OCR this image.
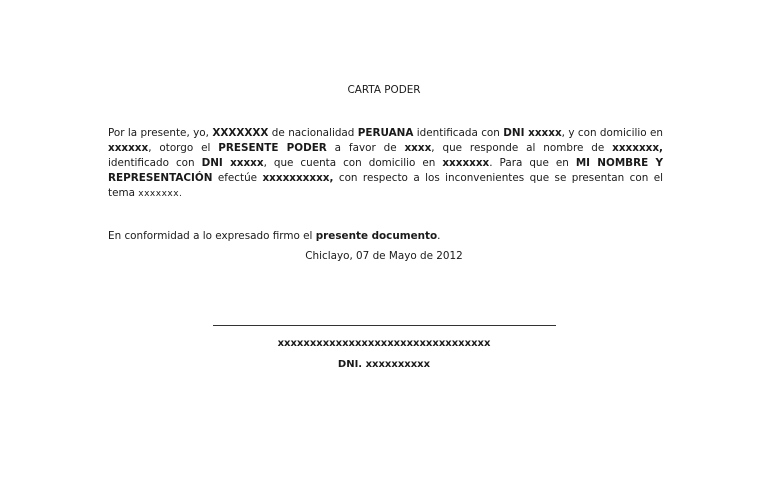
CARTA PODER
Por la presente, yo, XXXXXXX de nacionalidad PERUANA identificada con DNI xxxxx, y con domicilio en xxxxxx, otorgo el PRESENTE PODER a favor de xxxx, que responde al nombre de xxxxxxx, identificado con DNI xxxxx, que cuenta con domicilio en xxxxxxx. Para que en MI NOMBRE Y REPRESENTACIÓN efectúe xxxxxxxxxx, con respecto a los inconvenientes que se presentan con el tema xxxxxxx.
En conformidad a lo expresado firmo el presente documento.
Chiclayo, 07 de Mayo de 2012
xxxxxxxxxxxxxxxxxxxxxxxxxxxxxxxxx
DNI. xxxxxxxxxx
